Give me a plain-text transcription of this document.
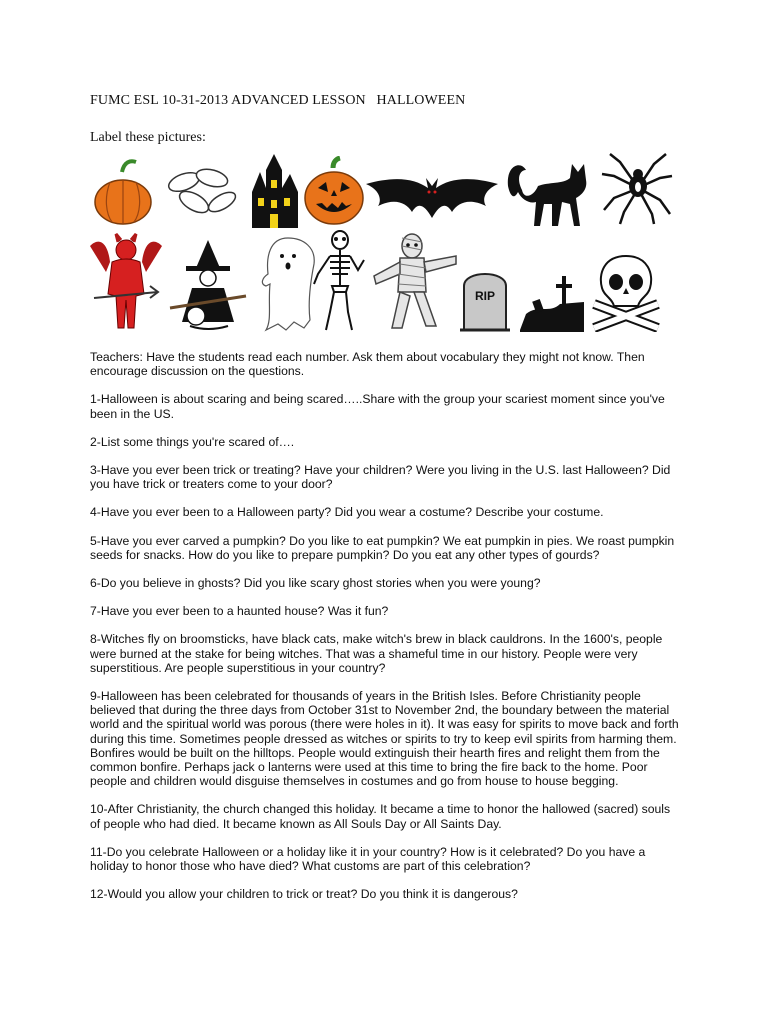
FUMC ESL 10-31-2013 ADVANCED LESSON   HALLOWEEN
Label these pictures:
RIP

Teachers: Have the students read each number. Ask them about vocabulary they might not know. Then encourage discussion on the questions.

1-Halloween is about scaring and being scared…..Share with the group your scariest moment since you've been in the US.

2-List some things you're scared of….

3-Have you ever been trick or treating? Have your children? Were you living in the U.S. last Halloween? Did you have trick or treaters come to your door?

4-Have you ever been to a Halloween party? Did you wear a costume? Describe your costume.

5-Have you ever carved a pumpkin? Do you like to eat pumpkin? We eat pumpkin in pies. We roast pumpkin seeds for snacks. How do you like to prepare pumpkin? Do you eat any other types of gourds?

6-Do you believe in ghosts? Did you like scary ghost stories when you were young?

7-Have you ever been to a haunted house? Was it fun?

8-Witches fly on broomsticks, have black cats, make witch's brew in black cauldrons. In the 1600's, people were burned at the stake for being witches. That was a shameful time in our history. People were very superstitious. Are people superstitious in your country?

9-Halloween has been celebrated for thousands of years in the British Isles. Before Christianity people believed that during the three days from October 31st to November 2nd, the boundary between the material world and the spiritual world was porous (there were holes in it). It was easy for spirits to move back and forth during this time. Sometimes people dressed as witches or spirits to try to keep evil spirits from harming them. Bonfires would be built on the hilltops. People would extinguish their hearth fires and relight them from the common bonfire. Perhaps jack o lanterns were used at this time to bring the fire back to the home. Poor people and children would disguise themselves in costumes and go from house to house begging.

10-After Christianity, the church changed this holiday. It became a time to honor the hallowed (sacred) souls of people who had died. It became known as All Souls Day or All Saints Day.

11-Do you celebrate Halloween or a holiday like it in your country? How is it celebrated? Do you have a holiday to honor those who have died? What customs are part of this celebration?

12-Would you allow your children to trick or treat? Do you think it is dangerous?
